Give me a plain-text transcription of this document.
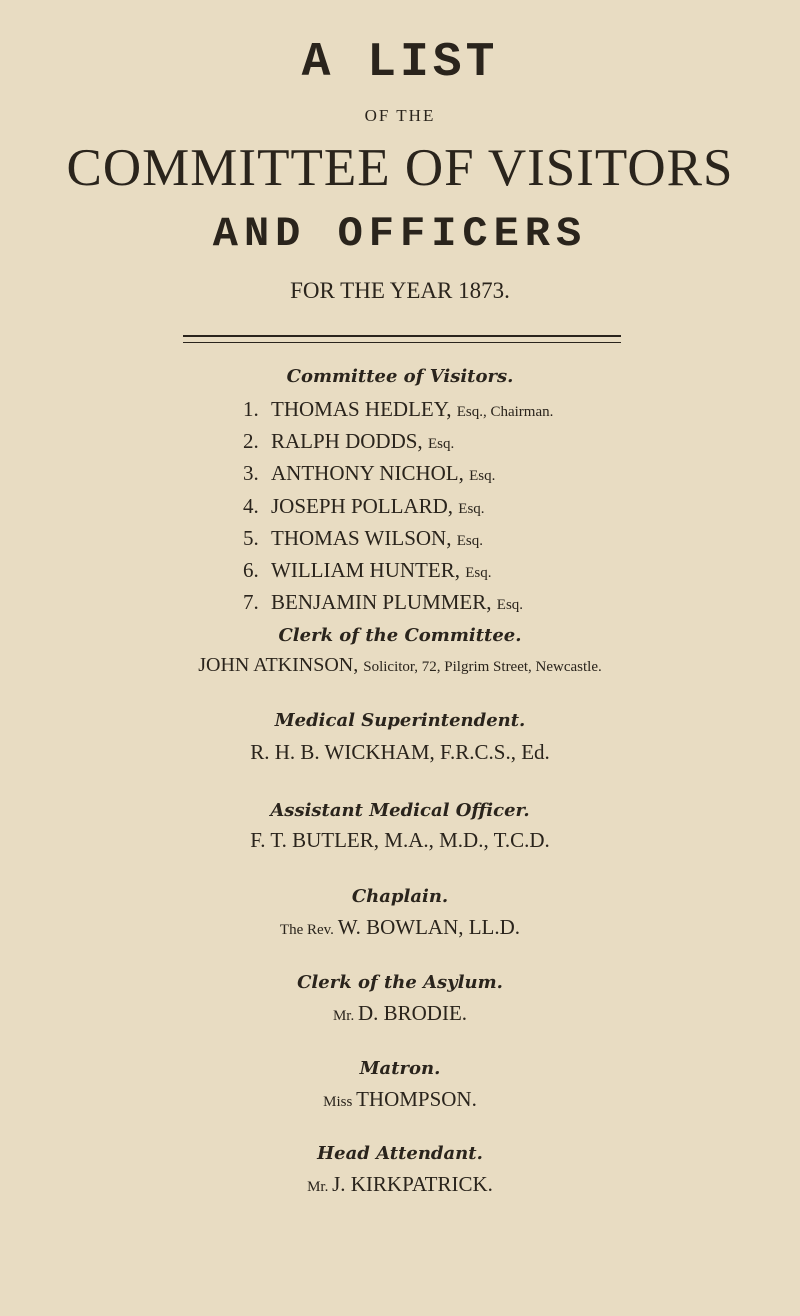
A LIST
OF THE
COMMITTEE OF VISITORS
AND OFFICERS
FOR THE YEAR 1873.
Committee of Visitors.
1. THOMAS HEDLEY, Esq., Chairman.
2. RALPH DODDS, Esq.
3. ANTHONY NICHOL, Esq.
4. JOSEPH POLLARD, Esq.
5. THOMAS WILSON, Esq.
6. WILLIAM HUNTER, Esq.
7. BENJAMIN PLUMMER, Esq.
Clerk of the Committee.
JOHN ATKINSON, Solicitor, 72, Pilgrim Street, Newcastle.
Medical Superintendent.
R. H. B. WICKHAM, F.R.C.S., Ed.
Assistant Medical Officer.
F. T. BUTLER, M.A., M.D., T.C.D.
Chaplain.
The Rev. W. BOWLAN, LL.D.
Clerk of the Asylum.
Mr. D. BRODIE.
Matron.
Miss THOMPSON.
Head Attendant.
Mr. J. KIRKPATRICK.
